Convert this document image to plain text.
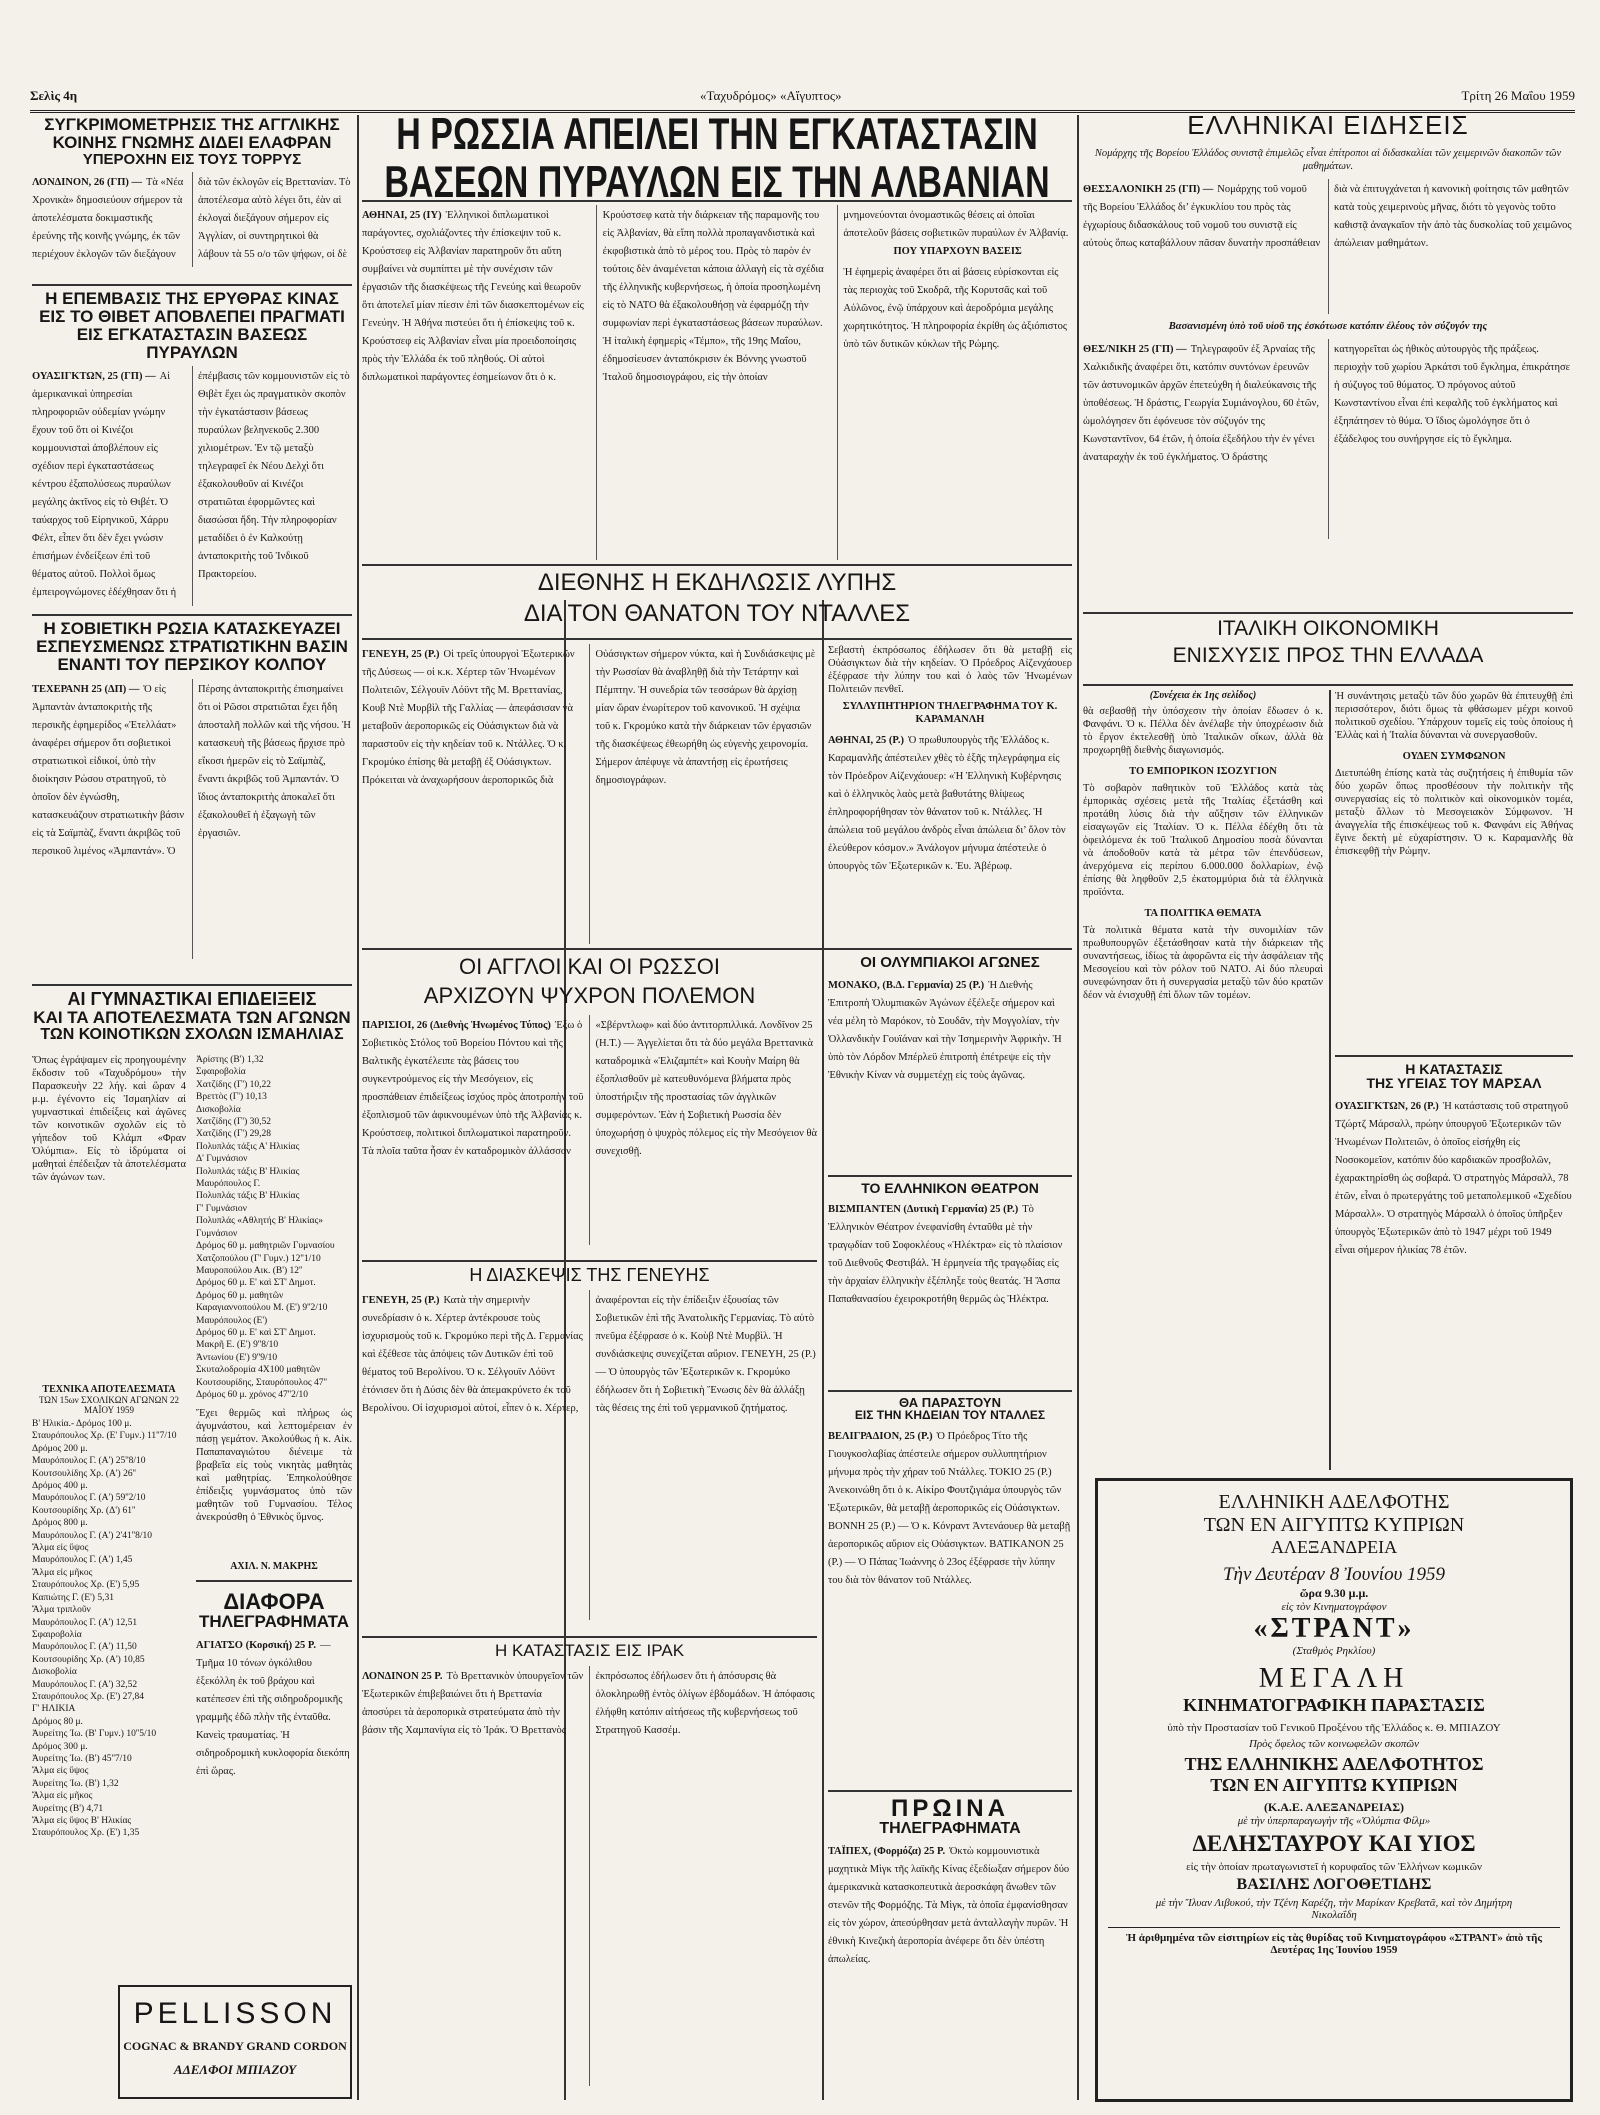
Σελὶς 4η	«Ταχυδρόμος» «Αἴγυπτος»	Τρίτη 26 Μαΐου 1959
ΣΥΓΚΡΙΜΟΜΕΤΡΗΣΙΣ ΤΗΣ ΑΓΓΛΙΚΗΣ
ΚΟΙΝΗΣ ΓΝΩΜΗΣ ΔΙΔΕΙ ΕΛΑΦΡΑΝ
ΥΠΕΡΟΧΗΝ ΕΙΣ ΤΟΥΣ ΤΟΡΡΥΣ
ΛΟΝΔΙΝΟΝ, 26 (ΓΠ) — Τὰ «Νέα Χρονικὰ» δημοσιεύουν σήμερον τὰ ἀποτελέσματα δοκιμαστικῆς ἐρεύνης τῆς κοινῆς γνώμης, ἐκ τῶν περιέχουν ἐκλογῶν τῶν διεξάγουν διὰ τῶν ἐκλογῶν εἰς Βρεττανίαν. Τὸ ἀποτέλεσμα αὐτὸ λέγει ὅτι, ἐὰν αἱ ἐκλογαὶ διεξάγουν σήμερον εἰς Ἀγγλίαν, οἱ συντηρητικοὶ θὰ λάβουν τὰ 55 ο/ο τῶν ψήφων, οἱ δὲ
Η ΕΠΕΜΒΑΣΙΣ ΤΗΣ ΕΡΥΘΡΑΣ ΚΙΝΑΣ
ΕΙΣ ΤΟ ΘΙΒΕΤ ΑΠΟΒΛΕΠΕΙ ΠΡΑΓΜΑΤΙ
ΕΙΣ ΕΓΚΑΤΑΣΤΑΣΙΝ ΒΑΣΕΩΣ ΠΥΡΑΥΛΩΝ
ΟΥΑΣΙΓΚΤΩΝ, 25 (ΓΠ) — Αἱ ἀμερικανικαὶ ὑπηρεσίαι πληροφοριῶν οὐδεμίαν γνώμην ἔχουν τοῦ ὅτι οἱ Κινέζοι κομμουνισταὶ ἀποβλέπουν εἰς σχέδιον περὶ ἐγκαταστάσεως κέντρου ἐξαπολύσεως πυραύλων μεγάλης ἀκτῖνος εἰς τὸ Θιβέτ. Ὁ ταύαρχος τοῦ Εἰρηνικοῦ, Χάρρυ Φέλτ, εἶπεν ὅτι δὲν ἔχει γνώσιν ἐπισήμων ἐνδείξεων ἐπὶ τοῦ θέματος αὐτοῦ. Πολλοὶ ὅμως ἐμπειρογνώμονες ἐδέχθησαν ὅτι ἡ ἐπέμβασις τῶν κομμουνιστῶν εἰς τὸ Θιβὲτ ἔχει ὡς πραγματικὸν σκοπὸν τὴν ἐγκατάστασιν βάσεως πυραύλων βεληνεκοῦς 2.300 χιλιομέτρων. Ἐν τῷ μεταξὺ τηλεγραφεῖ ἐκ Νέου Δελχὶ ὅτι ἐξακολουθοῦν αἱ Κινέζοι στρατιῶται ἐφορμῶντες καὶ διασώσαι ἤδη. Τὴν πληροφορίαν μεταδίδει ὁ ἐν Καλκούτῃ ἀνταποκριτὴς τοῦ Ἰνδικοῦ Πρακτορείου.
Η ΣΟΒΙΕΤΙΚΗ ΡΩΣΙΑ ΚΑΤΑΣΚΕΥΑΖΕΙ
ΕΣΠΕΥΣΜΕΝΩΣ ΣΤΡΑΤΙΩΤΙΚΗΝ ΒΑΣΙΝ
ΕΝΑΝΤΙ ΤΟΥ ΠΕΡΣΙΚΟΥ ΚΟΛΠΟΥ
ΤΕΧΕΡΑΝΗ 25 (ΔΠ) — Ὁ εἰς Ἀμπαντὰν ἀνταποκριτὴς τῆς περσικῆς ἐφημερίδος «Ἐτελλάατ» ἀναφέρει σήμερον ὅτι σοβιετικοὶ στρατιωτικοὶ εἰδικοί, ὑπὸ τὴν διοίκησιν Ρώσου στρατηγοῦ, τὸ ὁποῖον δὲν ἐγνώσθη, κατασκευάζουν στρατιωτικὴν βάσιν εἰς τὰ Σαϊμπὰζ, ἔναντι ἀκριβῶς τοῦ περσικοῦ λιμένος «Ἀμπαντάν». Ὁ Πέρσης ἀνταποκριτὴς ἐπισημαίνει ὅτι οἱ Ρῶσοι στρατιῶται ἔχει ἤδη ἀποσταλῆ πολλῶν καὶ τῆς νήσου. Ἡ κατασκευὴ τῆς βάσεως ἤρχισε πρὸ εἴκοσι ἡμερῶν εἰς τὸ Σαϊμπὰζ, ἔναντι ἀκριβῶς τοῦ Ἀμπαντάν. Ὁ ἴδιος ἀνταποκριτὴς ἀποκαλεῖ ὅτι ἐξακολουθεῖ ἡ ἐξαγωγὴ τῶν ἐργασιῶν.
ΑΙ ΓΥΜΝΑΣΤΙΚΑΙ ΕΠΙΔΕΙΞΕΙΣ
ΚΑΙ ΤΑ ΑΠΟΤΕΛΕΣΜΑΤΑ ΤΩΝ ΑΓΩΝΩΝ
ΤΩΝ ΚΟΙΝΟΤΙΚΩΝ ΣΧΟΛΩΝ ΙΣΜΑΗΛΙΑΣ

Ὅπως ἐγράψαμεν εἰς προηγουμένην ἔκδοσιν τοῦ «Ταχυδρόμου» τὴν Παρασκευὴν 22 λήγ. καὶ ὥραν 4 μ.μ. ἐγένοντο εἰς Ἰσμαηλίαν αἱ γυμναστικαὶ ἐπιδείξεις καὶ ἀγῶνες τῶν κοινοτικῶν σχολῶν εἰς τὸ γήπεδον τοῦ Κλάμπ «Φραν Ὀλύμπια». Εἰς τὸ ἰδρύματα οἱ μαθηταὶ ἐπέδειξαν τὰ ἀποτελέσματα τῶν ἀγώνων των.

ΤΕΧΝΙΚΑ ΑΠΟΤΕΛΕΣΜΑΤΑ
ΤΩΝ 15ων ΣΧΟΛΙΚΩΝ ΑΓΩΝΩΝ 22 ΜΑΪΟΥ 1959
Β' Ηλικία.- Δρόμος 100 μ.
Σταυρόπουλος Χρ. (Ε' Γυμν.) 11''7/10
Δρόμος 200 μ.
Μαυρόπουλος Γ. (Α') 25''8/10
Κουτσουλίδης Χρ. (Α') 26''
Δρόμος 400 μ.
Μαυρόπουλος Γ. (Α') 59''2/10
Κουτσουρίδης Χρ. (Δ') 61''
Δρόμος 800 μ.
Μαυρόπουλος Γ. (Α') 2'41''8/10
Ἅλμα εἰς ὕψος
Μαυρόπουλος Γ. (Α') 1,45
Ἅλμα εἰς μῆκος
Σταυρόπουλος Χρ. (Ε') 5,95
Καπιώτης Γ. (Ε') 5,31
Ἅλμα τριπλοῦν
Μαυρόπουλος Γ. (Α') 12,51
Σφαιροβολία
Μαυρόπουλος Γ. (Α') 11,50
Κουτσουρίδης Χρ. (Α') 10,85
Δισκοβολία
Μαυρόπουλος Γ. (Α') 32,52
Σταυρόπουλος Χρ. (Ε') 27,84
Γ' ΗΛΙΚΙΑ
Δρόμος 80 μ.
Ἀυρείτης Ἰω. (Β' Γυμν.) 10''5/10
Δρόμος 300 μ.
Ἀυρείτης Ἰω. (Β') 45''7/10
Ἅλμα εἰς ὕψος
Ἀυρείτης Ἰω. (Β') 1,32
Ἅλμα εἰς μῆκος
Ἀυρείτης (Β') 4,71
Ἅλμα εἰς ὕψος Β' Ηλικίας
Σταυρόπουλος Χρ. (Ε') 1,35
Ἀρίστης (Β') 1,32
Σφαιροβολία
Χατζίδης (Γ') 10,22
Βρεττὸς (Γ') 10,13
Δισκοβολία
Χατζίδης (Γ') 30,52
Χατζίδης (Γ') 29,28
Πολυπλάς τάξις Α' Ηλικίας
Δ' Γυμνάσιον
Πολυπλάς τάξις Β' Ηλικίας
Μαυρόπουλος Γ.
Πολυπλάς τάξις Β' Ηλικίας
Γ' Γυμνάσιον
Πολυπλάς «Αθλητής Β' Ηλικίας»
Γυμνάσιον
Δρόμος 60 μ. μαθητριῶν Γυμνασίου
Χατζοπούλου (Γ' Γυμν.) 12''1/10
Μαυροπούλου Αικ. (Β') 12''
Δρόμος 60 μ. Ε' καὶ ΣΤ' Δημοτ.
Δρόμος 60 μ. μαθητῶν
Καραγιαννοπούλου Μ. (Ε') 9''2/10
Μαυρόπουλος (Ε')
Δρόμος 60 μ. Ε' καὶ ΣΤ' Δημοτ.
Μακρῆ Ε. (Ε') 9''8/10
Ἀντωνίου (Ε') 9''9/10
Σκυταλοδρομία 4Χ100 μαθητῶν
Κουτσουρίδης, Σταυρόπουλος 47''
Δρόμος 60 μ. χρόνος 47''2/10

Ἔχει θερμῶς καὶ πλήρως ὡς ἀγυμνάστου, καὶ λεπτομέρειαν ἐν πάσῃ γεμάτον. Ἀκολούθως ἡ κ. Αἰκ. Παπαπαναγιώτου διένειμε τὰ βραβεῖα εἰς τοὺς νικητὰς μαθητὰς καὶ μαθητρίας. Ἐπηκολούθησε ἐπίδειξις γυμνάσματος ὑπὸ τῶν μαθητῶν τοῦ Γυμνασίου. Τέλος ἀνεκρούσθη ὁ Ἐθνικὸς ὕμνος.

ΑΧΙΛ. Ν. ΜΑΚΡΗΣ
ΔΙΑΦΟΡΑ
ΤΗΛΕΓΡΑΦΗΜΑΤΑ
ΑΓΙΑΤΣΟ (Κορσική) 25 Ρ. — Τμῆμα 10 τόνων ὀγκόλιθου ἐξεκόλλη ἐκ τοῦ βράχου καὶ κατέπεσεν ἐπὶ τῆς σιδηροδρομικῆς γραμμῆς ἐδῶ πλὴν τῆς ἐνταῦθα. Κανεὶς τραυματίας. Ἡ σιδηροδρομικὴ κυκλοφορία διεκόπη ἐπὶ ὥρας.
PELLISSON
COGNAC & BRANDY GRAND CORDON
ΑΔΕΛΦΟΙ ΜΠΙΑΖΟΥ
Η ΡΩΣΣΙΑ ΑΠΕΙΛΕΙ ΤΗΝ ΕΓΚΑΤΑΣΤΑΣΙΝ
ΒΑΣΕΩΝ ΠΥΡΑΥΛΩΝ ΕΙΣ ΤΗΝ ΑΛΒΑΝΙΑΝ
ΑΘΗΝΑΙ, 25 (ΙΥ) Ἑλληνικοὶ διπλωματικοὶ παράγοντες, σχολιάζοντες τὴν ἐπίσκεψιν τοῦ κ. Κρούστσεφ εἰς Ἀλβανίαν παρατηροῦν ὅτι αὕτη συμβαίνει νὰ συμπίπτει μὲ τὴν συνέχισιν τῶν ἐργασιῶν τῆς διασκέψεως τῆς Γενεύης καὶ θεωροῦν ὅτι ἀποτελεῖ μίαν πίεσιν ἐπὶ τῶν διασκεπτομένων εἰς Γενεύην. Ἡ Ἀθήνα πιστεύει ὅτι ἡ ἐπίσκεψις τοῦ κ. Κρούστσεφ εἰς Ἀλβανίαν εἶναι μία προειδοποίησις πρὸς τὴν Ἑλλάδα ἐκ τοῦ πληθούς. Οἱ αὐτοὶ διπλωματικοὶ παράγοντες ἐσημείωνον ὅτι ὁ κ. Κρούστσεφ κατὰ τὴν διάρκειαν τῆς παραμονῆς του εἰς Ἀλβανίαν, θὰ εἴπη πολλὰ προπαγανδιστικὰ καὶ ἐκφοβιστικὰ ἀπὸ τὸ μέρος του. Πρὸς τὸ παρὸν ἐν τούτοις δὲν ἀναμένεται κάποια ἀλλαγὴ εἰς τὰ σχέδια τῆς ἑλληνικῆς κυβερνήσεως, ἡ ὁποία προσηλωμένη εἰς τὸ ΝΑΤΟ θὰ ἐξακολουθήσῃ νὰ ἐφαρμόζῃ τὴν συμφωνίαν περὶ ἐγκαταστάσεως βάσεων πυραύλων. Ἡ ἰταλικὴ ἐφημερὶς «Τέμπο», τῆς 19ης Μαΐου, ἐδημοσίευσεν ἀνταπόκρισιν ἐκ Βόννης γνωστοῦ Ἰταλοῦ δημοσιογράφου, εἰς τὴν ὁποίαν μνημονεύονται ὀνομαστικῶς θέσεις αἱ ὁποῖαι ἀποτελοῦν βάσεις σοβιετικῶν πυραύλων ἐν Ἀλβανίᾳ.
ΠΟΥ ΥΠΑΡΧΟΥΝ ΒΑΣΕΙΣ
Ἡ ἐφημερὶς ἀναφέρει ὅτι αἱ βάσεις εὑρίσκονται εἰς τὰς περιοχὰς τοῦ Σκοδρᾶ, τῆς Κορυτσᾶς καὶ τοῦ Αὐλῶνος, ἐνῷ ὑπάρχουν καὶ ἀεροδρόμια μεγάλης χωρητικότητος. Ἡ πληροφορία ἐκρίθη ὡς ἀξιόπιστος ὑπὸ τῶν δυτικῶν κύκλων τῆς Ρώμης.
ΔΙΕΘΝΗΣ Η ΕΚΔΗΛΩΣΙΣ ΛΥΠΗΣ
ΔΙΑ ΤΟΝ ΘΑΝΑΤΟΝ ΤΟΥ ΝΤΑΛΛΕΣ
ΓΕΝΕΥΗ, 25 (Ρ.) Οἱ τρεῖς ὑπουργοὶ Ἐξωτερικῶν τῆς Δύσεως — οἱ κ.κ. Χέρτερ τῶν Ἡνωμένων Πολιτειῶν, Σέλγουϊν Λόϋντ τῆς Μ. Βρεττανίας, Κουβ Ντὲ Μυρβὶλ τῆς Γαλλίας — ἀπεφάσισαν νὰ μεταβοῦν ἀεροπορικῶς εἰς Οὐάσιγκτων διὰ νὰ παραστοῦν εἰς τὴν κηδείαν τοῦ κ. Ντάλλες. Ὁ κ. Γκρομύκο ἐπίσης θὰ μεταβῇ ἐξ Οὐάσιγκτων. Πρόκειται νὰ ἀναχωρήσουν ἀεροπορικῶς διὰ Οὐάσιγκτων σήμερον νύκτα, καὶ ἡ Συνδιάσκεψις μὲ τὴν Ρωσσίαν θὰ ἀναβληθῇ διὰ τὴν Τετάρτην καὶ Πέμπτην. Ἡ συνεδρία τῶν τεσσάρων θὰ ἀρχίσῃ μίαν ὥραν ἐνωρίτερον τοῦ κανονικοῦ. Ἡ σχέψια τοῦ κ. Γκρομύκο κατὰ τὴν διάρκειαν τῶν ἐργασιῶν τῆς διασκέψεως ἐθεωρήθη ὡς εὐγενὴς χειρονομία. Σήμερον ἀπέφυγε νὰ ἀπαντήσῃ εἰς ἐρωτήσεις δημοσιογράφων.

Σεβαστὴ ἐκπρόσωπος ἐδήλωσεν ὅτι θὰ μεταβῇ εἰς Οὐάσιγκτων διὰ τὴν κηδείαν. Ὁ Πρόεδρος Αἰζενχάουερ ἐξέφρασε τὴν λύπην του καὶ ὁ λαὸς τῶν Ἡνωμένων Πολιτειῶν πενθεῖ.

ΣΥΛΛΥΠΗΤΗΡΙΟΝ ΤΗΛΕΓΡΑΦΗΜΑ ΤΟΥ Κ. ΚΑΡΑΜΑΝΛΗ
ΑΘΗΝΑΙ, 25 (Ρ.) Ὁ πρωθυπουργὸς τῆς Ἑλλάδος κ. Καραμανλῆς ἀπέστειλεν χθὲς τὸ ἑξῆς τηλεγράφημα εἰς τὸν Πρόεδρον Αἰζενχάουερ: «Ἡ Ἑλληνικὴ Κυβέρνησις καὶ ὁ ἑλληνικὸς λαὸς μετὰ βαθυτάτης θλίψεως ἐπληροφορήθησαν τὸν θάνατον τοῦ κ. Ντάλλες. Ἡ ἀπώλεια τοῦ μεγάλου ἀνδρὸς εἶναι ἀπώλεια δι’ ὅλον τὸν ἐλεύθερον κόσμον.» Ἀνάλογον μήνυμα ἀπέστειλε ὁ ὑπουργὸς τῶν Ἐξωτερικῶν κ. Ἐυ. Ἀβέρωφ.
ΟΙ ΑΓΓΛΟΙ ΚΑΙ ΟΙ ΡΩΣΣΟΙ
ΑΡΧΙΖΟΥΝ ΨΥΧΡΟΝ ΠΟΛΕΜΟΝ
ΠΑΡΙΣΙΟΙ, 26 (Διεθνὴς Ἡνωμένος Τύπος) Ἐξω ὁ Σοβιετικὸς Στόλος τοῦ Βορείου Πόντου καὶ τῆς Βαλτικῆς ἐγκατέλειπε τὰς βάσεις του συγκεντρούμενος εἰς τὴν Μεσόγειον, εἰς προσπάθειαν ἐπιδείξεως ἰσχύος πρὸς ἀποτροπὴν τοῦ ἐξοπλισμοῦ τῶν ἀφικνουμένων ὑπὸ τῆς Ἀλβανίας κ. Κρούστσεφ, πολιτικοὶ διπλωματικοὶ παρατηροῦν. Τὰ πλοῖα ταῦτα ἦσαν ἐν καταδρομικὸν ἀλλάσσον «Σβέρντλωφ» καὶ δύο ἀντιτορπιλλικά. Λονδῖνον 25 (Η.Τ.) — Ἀγγελίεται ὅτι τὰ δύο μεγάλα Βρεττανικὰ καταδρομικὰ «Ἐλιζαμπέτ» καὶ Κουὴν Μαίρη θὰ ἐξοπλισθοῦν μὲ κατευθυνόμενα βλήματα πρὸς ὑποστήριξιν τῆς προστασίας τῶν ἀγγλικῶν συμφερόντων. Ἐὰν ἡ Σοβιετικὴ Ρωσσία δὲν ὑποχωρήσῃ ὁ ψυχρὸς πόλεμος εἰς τὴν Μεσόγειον θὰ συνεχισθῇ.
Η ΔΙΑΣΚΕΨΙΣ ΤΗΣ ΓΕΝΕΥΗΣ
ΓΕΝΕΥΗ, 25 (Ρ.) Κατὰ τὴν σημερινὴν συνεδρίασιν ὁ κ. Χέρτερ ἀντέκρουσε τοὺς ἰσχυρισμοὺς τοῦ κ. Γκρομύκο περὶ τῆς Δ. Γερμανίας καὶ ἐξέθεσε τὰς ἀπόψεις τῶν Δυτικῶν ἐπὶ τοῦ θέματος τοῦ Βερολίνου. Ὁ κ. Σέλγουϊν Λόϋντ ἐτόνισεν ὅτι ἡ Δύσις δὲν θὰ ἀπεμακρύνετο ἐκ τοῦ Βερολίνου. Οἱ ἰσχυρισμοὶ αὐτοί, εἶπεν ὁ κ. Χέρτερ, ἀναφέρονται εἰς τὴν ἐπίδειξιν ἐξουσίας τῶν Σοβιετικῶν ἐπὶ τῆς Ἀνατολικῆς Γερμανίας. Τὸ αὐτὸ πνεῦμα ἐξέφρασε ὁ κ. Κοὺβ Ντὲ Μυρβὶλ. Ἡ συνδιάσκεψις συνεχίζεται αὔριον. ΓΕΝΕΥΗ, 25 (Ρ.) — Ὁ ὑπουργὸς τῶν Ἐξωτερικῶν κ. Γκρομύκο ἐδήλωσεν ὅτι ἡ Σοβιετικὴ Ἕνωσις δὲν θὰ ἀλλάξῃ τὰς θέσεις της ἐπὶ τοῦ γερμανικοῦ ζητήματος.
Η ΚΑΤΑΣΤΑΣΙΣ ΕΙΣ ΙΡΑΚ
ΛΟΝΔΙΝΟΝ 25 Ρ. Τὸ Βρεττανικὸν ὑπουργεῖον τῶν Ἐξωτερικῶν ἐπιβεβαιώνει ὅτι ἡ Βρεττανία ἀποσύρει τὰ ἀεροπορικὰ στρατεύματα ἀπὸ τὴν βάσιν τῆς Χαμπανίγια εἰς τὸ Ἰράκ. Ὁ Βρεττανὸς ἐκπρόσωπος ἐδήλωσεν ὅτι ἡ ἀπόσυρσις θὰ ὁλοκληρωθῇ ἐντὸς ὀλίγων ἑβδομάδων. Ἡ ἀπόφασις ἐλήφθη κατόπιν αἰτήσεως τῆς κυβερνήσεως τοῦ Στρατηγοῦ Κασσέμ.
ΟΙ ΟΛΥΜΠΙΑΚΟΙ ΑΓΩΝΕΣ
ΜΟΝΑΚΟ, (Β.Δ. Γερμανία) 25 (Ρ.) Ἡ Διεθνὴς Ἐπιτροπὴ Ὀλυμπιακῶν Ἀγώνων ἐξέλεξε σήμερον καὶ νέα μέλη τὸ Μαρόκον, τὸ Σουδᾶν, τὴν Μογγολίαν, τὴν Ὀλλανδικὴν Γουϊάναν καὶ τὴν Ἰσημερινὴν Ἀφρικὴν. Ἡ ὑπὸ τὸν Λόρδον Μπέρλεϋ ἐπιτροπὴ ἐπέτρεψε εἰς τὴν Ἐθνικὴν Κίναν νὰ συμμετέχῃ εἰς τοὺς ἀγῶνας.
ΤΟ ΕΛΛΗΝΙΚΟΝ ΘΕΑΤΡΟΝ
ΒΙΣΜΠΑΝΤΕΝ (Δυτικὴ Γερμανία) 25 (Ρ.) Τὸ Ἑλληνικὸν Θέατρον ἐνεφανίσθη ἐνταῦθα μὲ τὴν τραγῳδίαν τοῦ Σοφοκλέους «Ἠλέκτρα» εἰς τὸ πλαίσιον τοῦ Διεθνοῦς Φεστιβάλ. Ἡ ἑρμηνεία τῆς τραγῳδίας εἰς τὴν ἀρχαίαν ἑλληνικὴν ἐξέπληξε τοὺς θεατάς. Ἡ Ἄσπα Παπαθανασίου ἐχειροκροτήθη θερμῶς ὡς Ἠλέκτρα.
ΘΑ ΠΑΡΑΣΤΟΥΝ
ΕΙΣ ΤΗΝ ΚΗΔΕΙΑΝ ΤΟΥ ΝΤΑΛΛΕΣ
ΒΕΛΙΓΡΑΔΙΟΝ, 25 (Ρ.) Ὁ Πρόεδρος Τίτο τῆς Γιουγκοσλαβίας ἀπέστειλε σήμερον συλλυπητήριον μήνυμα πρὸς τὴν χήραν τοῦ Ντάλλες. ΤΟΚΙΟ 25 (Ρ.) Ἀνεκοινώθη ὅτι ὁ κ. Αἰκίρο Φουτζιγιάμα ὑπουργὸς τῶν Ἐξωτερικῶν, θὰ μεταβῇ ἀεροπορικῶς εἰς Οὐάσιγκτων. ΒΟΝΝΗ 25 (Ρ.) — Ὁ κ. Κόνραντ Ἀντενάουερ θὰ μεταβῇ ἀεροπορικῶς αὔριον εἰς Οὐάσιγκτων. ΒΑΤΙΚΑΝΟΝ 25 (Ρ.) — Ὁ Πάπας Ἰωάννης ὁ 23ος ἐξέφρασε τὴν λύπην του διὰ τὸν θάνατον τοῦ Ντάλλες.
ΠΡΩΙΝΑ
ΤΗΛΕΓΡΑΦΗΜΑΤΑ
ΤΑΪΠΕΧ, (Φορμόζα) 25 Ρ. Ὀκτὼ κομμουνιστικὰ μαχητικὰ Μὶγκ τῆς λαϊκῆς Κίνας ἐξεδίωξαν σήμερον δύο ἀμερικανικὰ κατασκοπευτικὰ ἀεροσκάφη ἄνωθεν τῶν στενῶν τῆς Φορμόζης. Τὰ Μὶγκ, τὰ ὁποῖα ἐμφανίσθησαν εἰς τὸν χώρον, ἀπεσύρθησαν μετὰ ἀνταλλαγὴν πυρῶν. Ἡ ἐθνικὴ Κινεζικὴ ἀεροπορία ἀνέφερε ὅτι δὲν ὑπέστη ἀπωλείας.
ΕΛΛΗΝΙΚΑΙ ΕΙΔΗΣΕΙΣ

Νομάρχης τῆς Βορείου Ἑλλάδος συνιστᾷ ἐπιμελῶς εἶναι ἐπίτροποι αἱ διδασκαλίαι τῶν χειμερινῶν διακοπῶν τῶν μαθημάτων.

ΘΕΣΣΑΛΟΝΙΚΗ 25 (ΓΠ) — Νομάρχης τοῦ νομοῦ τῆς Βορείου Ἑλλάδος δι’ ἐγκυκλίου του πρὸς τὰς ἐγχωρίους διδασκάλους τοῦ νομοῦ του συνιστᾷ εἰς αὐτοὺς ὅπως καταβάλλουν πᾶσαν δυνατὴν προσπάθειαν διὰ νὰ ἐπιτυγχάνεται ἡ κανονικὴ φοίτησις τῶν μαθητῶν κατὰ τοὺς χειμερινοὺς μῆνας, διότι τὸ γεγονὸς τοῦτο καθιστᾷ ἀναγκαῖον τὴν ἀπὸ τὰς δυσκολίας τοῦ χειμῶνος ἀπώλειαν μαθημάτων.
Βασανισμένη ὑπὸ τοῦ υἱοῦ της ἐσκότωσε κατόπιν ἐλέους τὸν σύζυγόν της
ΘΕΣ/ΝΙΚΗ 25 (ΓΠ) — Τηλεγραφοῦν ἐξ Ἀρναίας τῆς Χαλκιδικῆς ἀναφέρει ὅτι, κατόπιν συντόνων ἐρευνῶν τῶν ἀστυνομικῶν ἀρχῶν ἐπετεύχθη ἡ διαλεύκανσις τῆς ὑποθέσεως. Ἡ δράστις, Γεωργία Συμιάνογλου, 60 ἐτῶν, ὡμολόγησεν ὅτι ἐφόνευσε τὸν σύζυγόν της Κωνσταντῖνον, 64 ἐτῶν, ἡ ὁποία ἐξεδήλου τὴν ἐν γένει ἀναταραχὴν ἐκ τοῦ ἐγκλήματος. Ὁ δράστης κατηγορεῖται ὡς ἠθικὸς αὐτουργὸς τῆς πράξεως. περιοχὴν τοῦ χωρίου Ἀρκάτσι τοῦ ἔγκλημα, ἐπικράτησε ἡ σύζυγος τοῦ θύματος. Ὁ πρόγονος αὐτοῦ Κωνσταντίνου εἶναι ἐπὶ κεφαλῆς τοῦ ἐγκλήματος καὶ ἐξηπάτησεν τὸ θύμα. Ὁ ἴδιος ὡμολόγησε ὅτι ὁ ἐξάδελφος του συνήργησε εἰς τὸ ἔγκλημα.
ΙΤΑΛΙΚΗ ΟΙΚΟΝΟΜΙΚΗ
ΕΝΙΣΧΥΣΙΣ ΠΡΟΣ ΤΗΝ ΕΛΛΑΔΑ
(Συνέχεια ἐκ 1ης σελίδος)

θὰ σεβασθῇ τὴν ὑπόσχεσιν τὴν ὁποίαν ἔδωσεν ὁ κ. Φανφάνι. Ὁ κ. Πέλλα δὲν ἀνέλαβε τὴν ὑποχρέωσιν διὰ τὸ ἔργον ἐκτελεσθῇ ὑπὸ Ἰταλικῶν οἴκων, ἀλλὰ θὰ προχωρηθῇ διεθνὴς διαγωνισμός.

ΤΟ ΕΜΠΟΡΙΚΟΝ ΙΣΟΖΥΓΙΟΝ

Τὸ σοβαρὸν παθητικὸν τοῦ Ἑλλάδος κατὰ τὰς ἐμπορικὰς σχέσεις μετὰ τῆς Ἰταλίας ἐξετάσθη καὶ προτάθη λύσις διὰ τὴν αὔξησιν τῶν ἑλληνικῶν εἰσαγωγῶν εἰς Ἰταλίαν. Ὁ κ. Πέλλα ἐδέχθη ὅτι τὰ ὀφειλόμενα ἐκ τοῦ Ἰταλικοῦ Δημοσίου ποσὰ δύνανται νὰ ἀποδοθοῦν κατὰ τὰ μέτρα τῶν ἐπενδύσεων, ἀνερχόμενα εἰς περίπου 6.000.000 δολλαρίων, ἐνῷ ἐπίσης θὰ ληφθοῦν 2,5 ἐκατομμύρια διὰ τὰ ἑλληνικὰ προϊόντα.

ΤΑ ΠΟΛΙΤΙΚΑ ΘΕΜΑΤΑ

Τὰ πολιτικὰ θέματα κατὰ τὴν συνομιλίαν τῶν πρωθυπουργῶν ἐξετάσθησαν κατὰ τὴν διάρκειαν τῆς συναντήσεως, ἰδίως τὰ ἀφορῶντα εἰς τὴν ἀσφάλειαν τῆς Μεσογείου καὶ τὸν ρόλον τοῦ ΝΑΤΟ. Αἱ δύο πλευραὶ συνεφώνησαν ὅτι ἡ συνεργασία μεταξὺ τῶν δύο κρατῶν δέον νὰ ἐνισχυθῇ ἐπὶ ὅλων τῶν τομέων.

Ἡ συνάντησις μεταξὺ τῶν δύο χωρῶν θὰ ἐπιτευχθῇ ἐπὶ περισσότερον, διότι ὅμως τὰ φθάσωμεν μέχρι κοινοῦ πολιτικοῦ σχεδίου. Ὑπάρχουν τομεῖς εἰς τοὺς ὁποίους ἡ Ἑλλὰς καὶ ἡ Ἰταλία δύνανται νὰ συνεργασθοῦν.

ΟΥΔΕΝ ΣΥΜΦΩΝΟΝ

Διετυπώθη ἐπίσης κατὰ τὰς συζητήσεις ἡ ἐπιθυμία τῶν δύο χωρῶν ὅπως προσθέσουν τὴν πολιτικὴν τῆς συνεργασίας εἰς τὸ πολιτικὸν καὶ οἰκονομικὸν τομέα, μεταξὺ ἄλλων τὸ Μεσογειακὸν Σύμφωνον. Ἡ ἀναγγελία τῆς ἐπισκέψεως τοῦ κ. Φανφάνι εἰς Ἀθήνας ἔγινε δεκτὴ μὲ εὐχαρίστησιν. Ὁ κ. Καραμανλῆς θὰ ἐπισκεφθῇ τὴν Ρώμην.

Η ΚΑΤΑΣΤΑΣΙΣ
ΤΗΣ ΥΓΕΙΑΣ ΤΟΥ ΜΑΡΣΑΛ
ΟΥΑΣΙΓΚΤΩΝ, 26 (Ρ.) Ἡ κατάστασις τοῦ στρατηγοῦ Τζώρτζ Μάρσαλλ, πρώην ὑπουργοῦ Ἐξωτερικῶν τῶν Ἡνωμένων Πολιτειῶν, ὁ ὁποῖος εἰσήχθη εἰς Νοσοκομεῖον, κατόπιν δύο καρδιακῶν προσβολῶν, ἐχαρακτηρίσθη ὡς σοβαρά. Ὁ στρατηγὸς Μάρσαλλ, 78 ἐτῶν, εἶναι ὁ πρωτεργάτης τοῦ μεταπολεμικοῦ «Σχεδίου Μάρσαλλ». Ὁ στρατηγὸς Μάρσαλλ ὁ ὁποῖος ὑπῆρξεν ὑπουργὸς Ἐξωτερικῶν ἀπὸ τὸ 1947 μέχρι τοῦ 1949 εἶναι σήμερον ἡλικίας 78 ἐτῶν.
ΕΛΛΗΝΙΚΗ ΑΔΕΛΦΟΤΗΣ
ΤΩΝ ΕΝ ΑΙΓΥΠΤΩ ΚΥΠΡΙΩΝ
ΑΛΕΞΑΝΔΡΕΙΑ
Τὴν Δευτέραν 8 Ἰουνίου 1959
ὥρα 9.30 μ.μ.
εἰς τὸν Κινηματογράφον
«ΣΤΡΑΝΤ»
(Σταθμὸς Ρηκλίου)
ΜΕΓΑΛΗ
ΚΙΝΗΜΑΤΟΓΡΑΦΙΚΗ ΠΑΡΑΣΤΑΣΙΣ
ὑπὸ τὴν Προστασίαν τοῦ Γενικοῦ Προξένου τῆς Ἑλλάδος κ. Θ. ΜΠΙΑΖΟΥ
Πρὸς ὄφελος τῶν κοινωφελῶν σκοπῶν
ΤΗΣ ΕΛΛΗΝΙΚΗΣ ΑΔΕΛΦΟΤΗΤΟΣ
ΤΩΝ ΕΝ ΑΙΓΥΠΤΩ ΚΥΠΡΙΩΝ
(Κ.Α.Ε. ΑΛΕΞΑΝΔΡΕΙΑΣ)
μὲ τὴν ὑπερπαραγωγὴν τῆς «Ὀλύμπια Φίλμ»
ΔΕΛΗΣΤΑΥΡΟΥ ΚΑΙ ΥΙΟΣ
εἰς τὴν ὁποίαν πρωταγωνιστεῖ ἡ κορυφαῖος τῶν Ἑλλήνων κωμικῶν
ΒΑΣΙΛΗΣ ΛΟΓΟΘΕΤΙΔΗΣ
μὲ τὴν Ἴλυαν Λιβυκού, τὴν Τζένη Καρέζη, τὴν Μαρίκαν Κρεβατᾶ, καὶ τὸν Δημήτρη Νικολαΐδη
Ἡ ἀριθμημένα τῶν εἰσιτηρίων εἰς τὰς θυρίδας τοῦ Κινηματογράφου «ΣΤΡΑΝΤ» ἀπὸ τῆς Δευτέρας 1ης Ἰουνίου 1959
